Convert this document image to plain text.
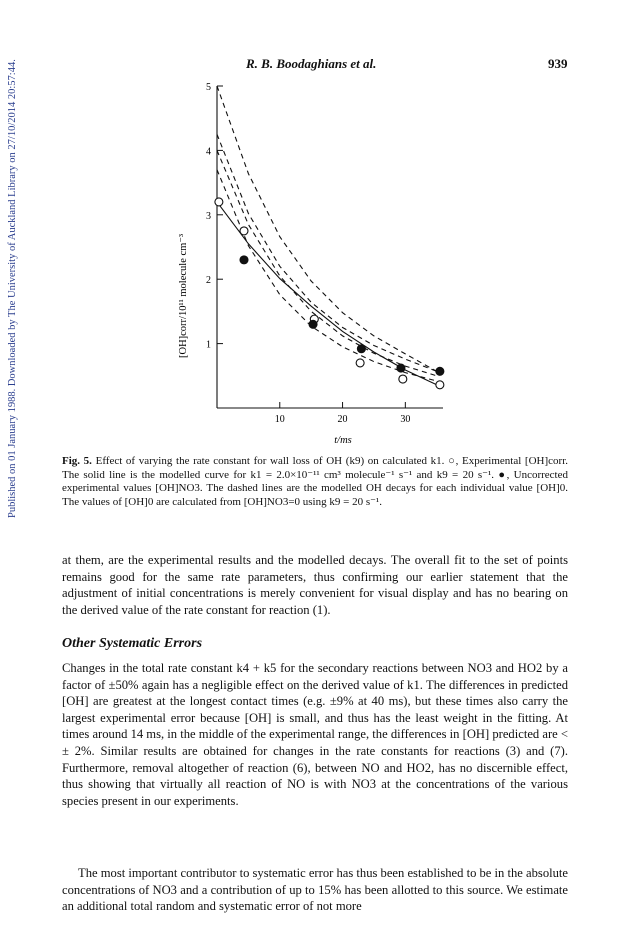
Published on 01 January 1988. Downloaded by The University of Auckland Library on 27/10/2014 20:57:44.	R. B. Boodaghians et al.	939
1
2
3
4
5
10	20	30
[OH]corr/10¹¹ molecule cm⁻³
t/ms
Fig. 5. Effect of varying the rate constant for wall loss of OH (k9) on calculated k1. ○, Experimental [OH]corr. The solid line is the modelled curve for k1 = 2.0×10⁻¹¹ cm³ molecule⁻¹ s⁻¹ and k9 = 20 s⁻¹. ●, Uncorrected experimental values [OH]NO3. The dashed lines are the modelled OH decays for each individual value [OH]0. The values of [OH]0 are calculated from [OH]NO3=0 using k9 = 20 s⁻¹.

at them, are the experimental results and the modelled decays. The overall fit to the set of points remains good for the same rate parameters, thus confirming our earlier statement that the adjustment of initial concentrations is merely convenient for visual display and has no bearing on the derived value of the rate constant for reaction (1).

Other Systematic Errors

Changes in the total rate constant k4 + k5 for the secondary reactions between NO3 and HO2 by a factor of ±50% again has a negligible effect on the derived value of k1. The differences in predicted [OH] are greatest at the longest contact times (e.g. ±9% at 40 ms), but these times also carry the largest experimental error because [OH] is small, and thus has the least weight in the fitting. At times around 14 ms, in the middle of the experimental range, the differences in [OH] predicted are < ± 2%. Similar results are obtained for changes in the rate constants for reactions (3) and (7). Furthermore, removal altogether of reaction (6), between NO and HO2, has no discernible effect, thus showing that virtually all reaction of NO is with NO3 at the concentrations of the various species present in our experiments.

The most important contributor to systematic error has thus been established to be in the absolute concentrations of NO3 and a contribution of up to 15% has been allotted to this source. We estimate an additional total random and systematic error of not more
